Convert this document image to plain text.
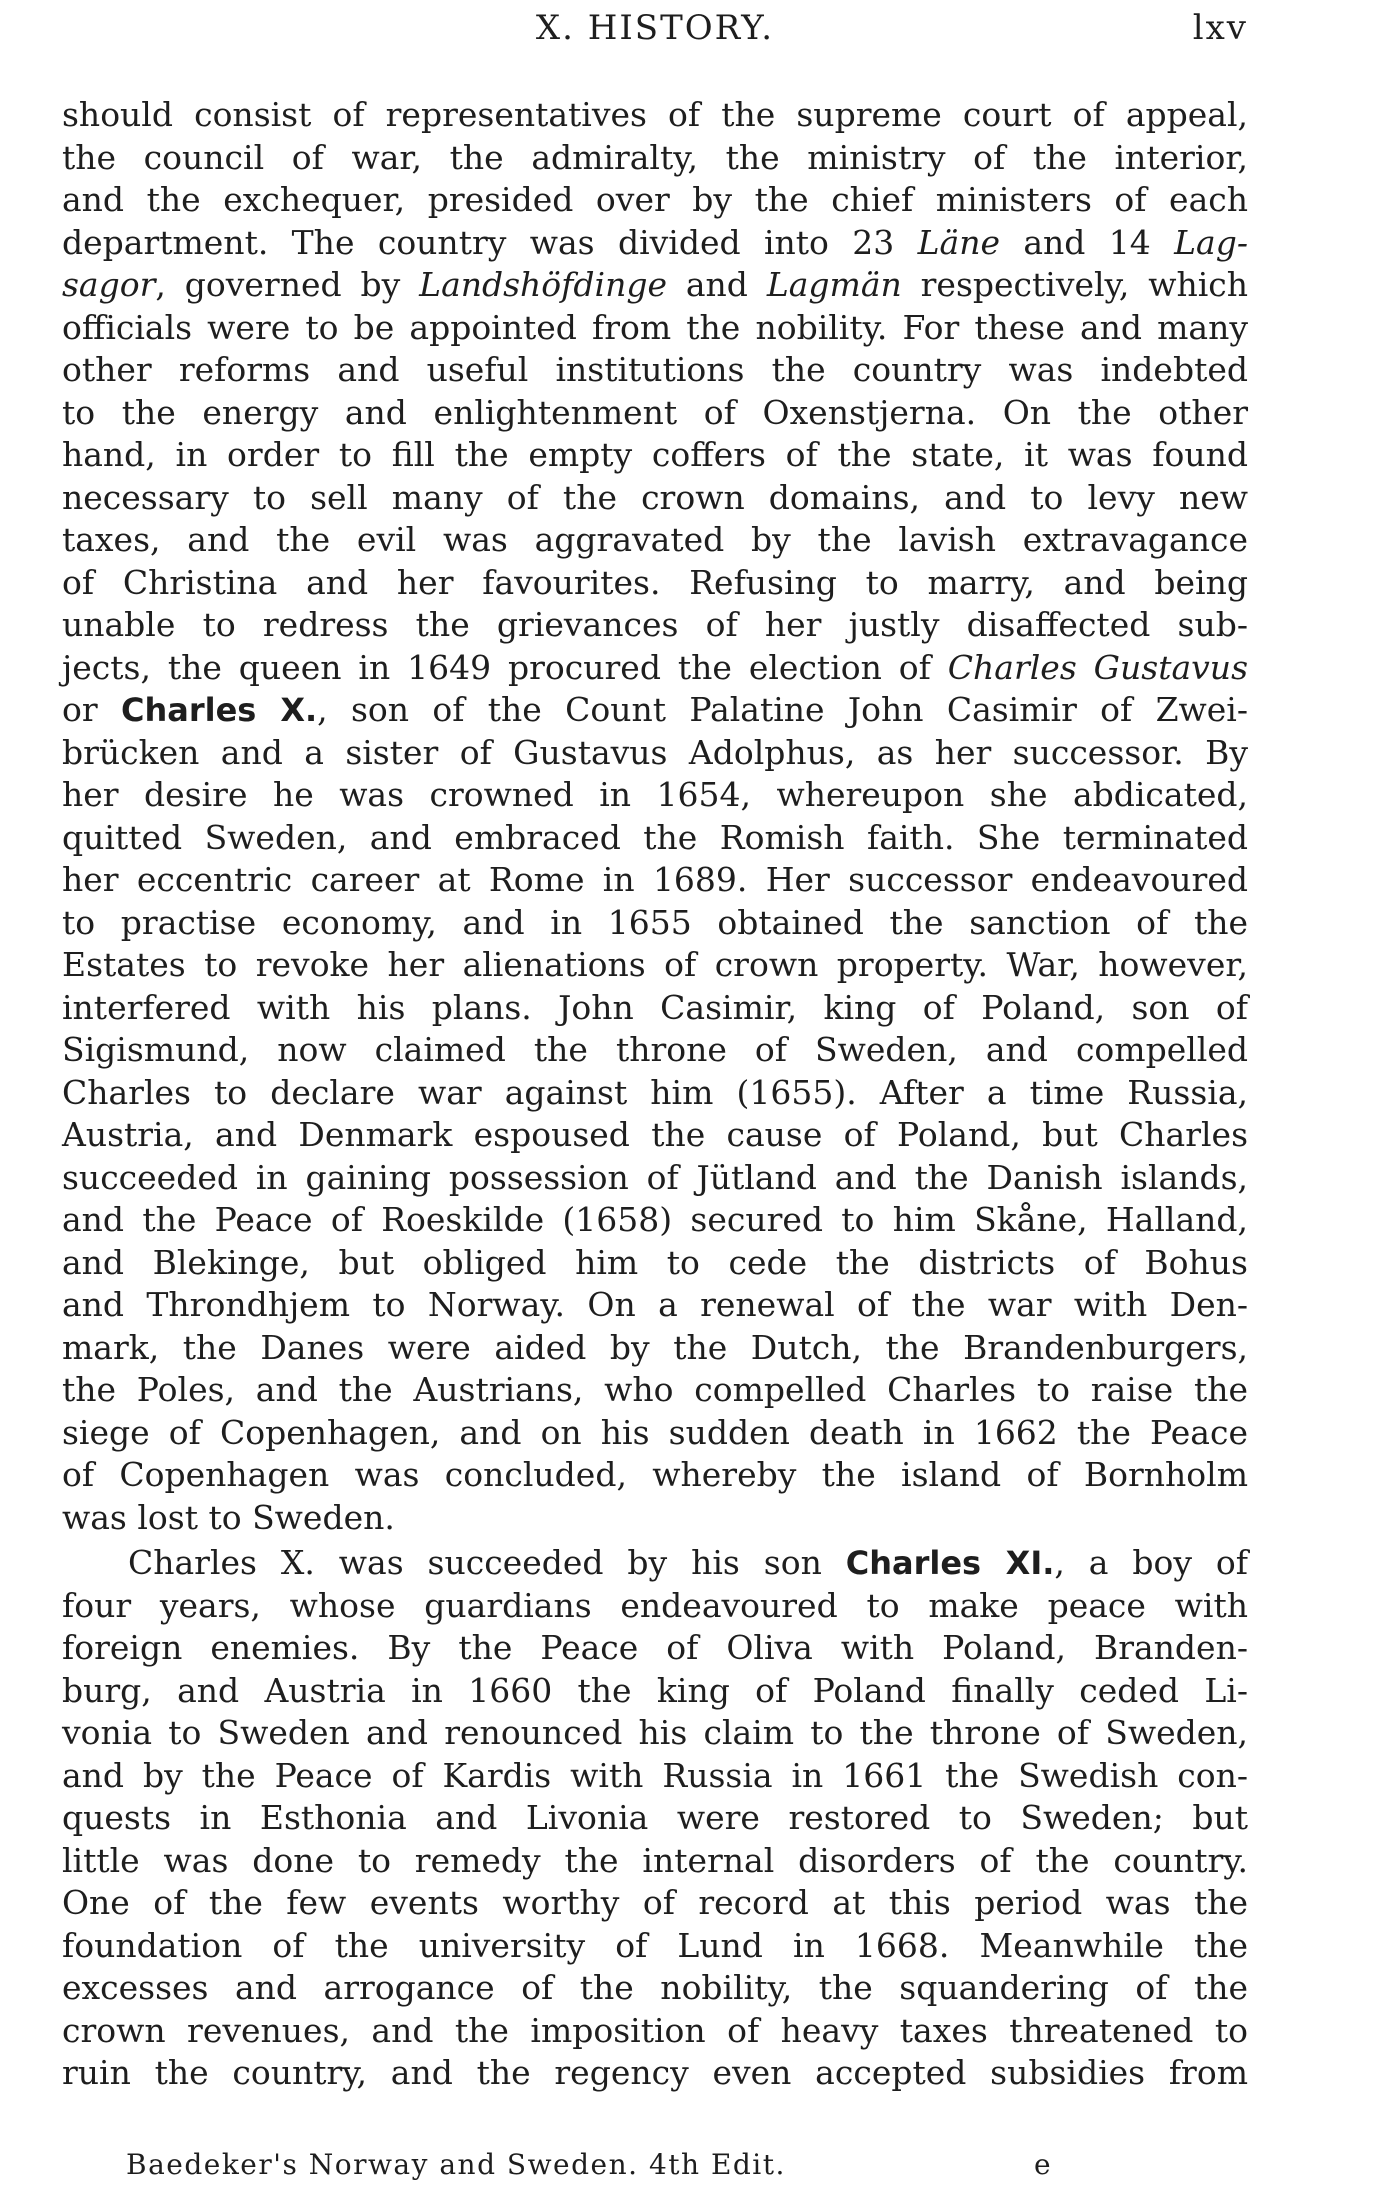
X. HISTORY.	lxv
should consist of representatives of the supreme court of appeal,
the council of war, the admiralty, the ministry of the interior,
and the exchequer, presided over by the chief ministers of each
department. The country was divided into 23 Läne and 14 Lag-
sagor, governed by Landshöfdinge and Lagmän respectively, which
officials were to be appointed from the nobility. For these and many
other reforms and useful institutions the country was indebted
to the energy and enlightenment of Oxenstjerna. On the other
hand, in order to fill the empty coffers of the state, it was found
necessary to sell many of the crown domains, and to levy new
taxes, and the evil was aggravated by the lavish extravagance
of Christina and her favourites. Refusing to marry, and being
unable to redress the grievances of her justly disaffected sub-
jects, the queen in 1649 procured the election of Charles Gustavus
or Charles X., son of the Count Palatine John Casimir of Zwei-
brücken and a sister of Gustavus Adolphus, as her successor. By
her desire he was crowned in 1654, whereupon she abdicated,
quitted Sweden, and embraced the Romish faith. She terminated
her eccentric career at Rome in 1689. Her successor endeavoured
to practise economy, and in 1655 obtained the sanction of the
Estates to revoke her alienations of crown property. War, however,
interfered with his plans. John Casimir, king of Poland, son of
Sigismund, now claimed the throne of Sweden, and compelled
Charles to declare war against him (1655). After a time Russia,
Austria, and Denmark espoused the cause of Poland, but Charles
succeeded in gaining possession of Jütland and the Danish islands,
and the Peace of Roeskilde (1658) secured to him Skåne, Halland,
and Blekinge, but obliged him to cede the districts of Bohus
and Throndhjem to Norway. On a renewal of the war with Den-
mark, the Danes were aided by the Dutch, the Brandenburgers,
the Poles, and the Austrians, who compelled Charles to raise the
siege of Copenhagen, and on his sudden death in 1662 the Peace
of Copenhagen was concluded, whereby the island of Bornholm
was lost to Sweden.
Charles X. was succeeded by his son Charles XI., a boy of
four years, whose guardians endeavoured to make peace with
foreign enemies. By the Peace of Oliva with Poland, Branden-
burg, and Austria in 1660 the king of Poland finally ceded Li-
vonia to Sweden and renounced his claim to the throne of Sweden,
and by the Peace of Kardis with Russia in 1661 the Swedish con-
quests in Esthonia and Livonia were restored to Sweden; but
little was done to remedy the internal disorders of the country.
One of the few events worthy of record at this period was the
foundation of the university of Lund in 1668. Meanwhile the
excesses and arrogance of the nobility, the squandering of the
crown revenues, and the imposition of heavy taxes threatened to
ruin the country, and the regency even accepted subsidies from
Baedeker's Norway and Sweden. 4th Edit.	e
